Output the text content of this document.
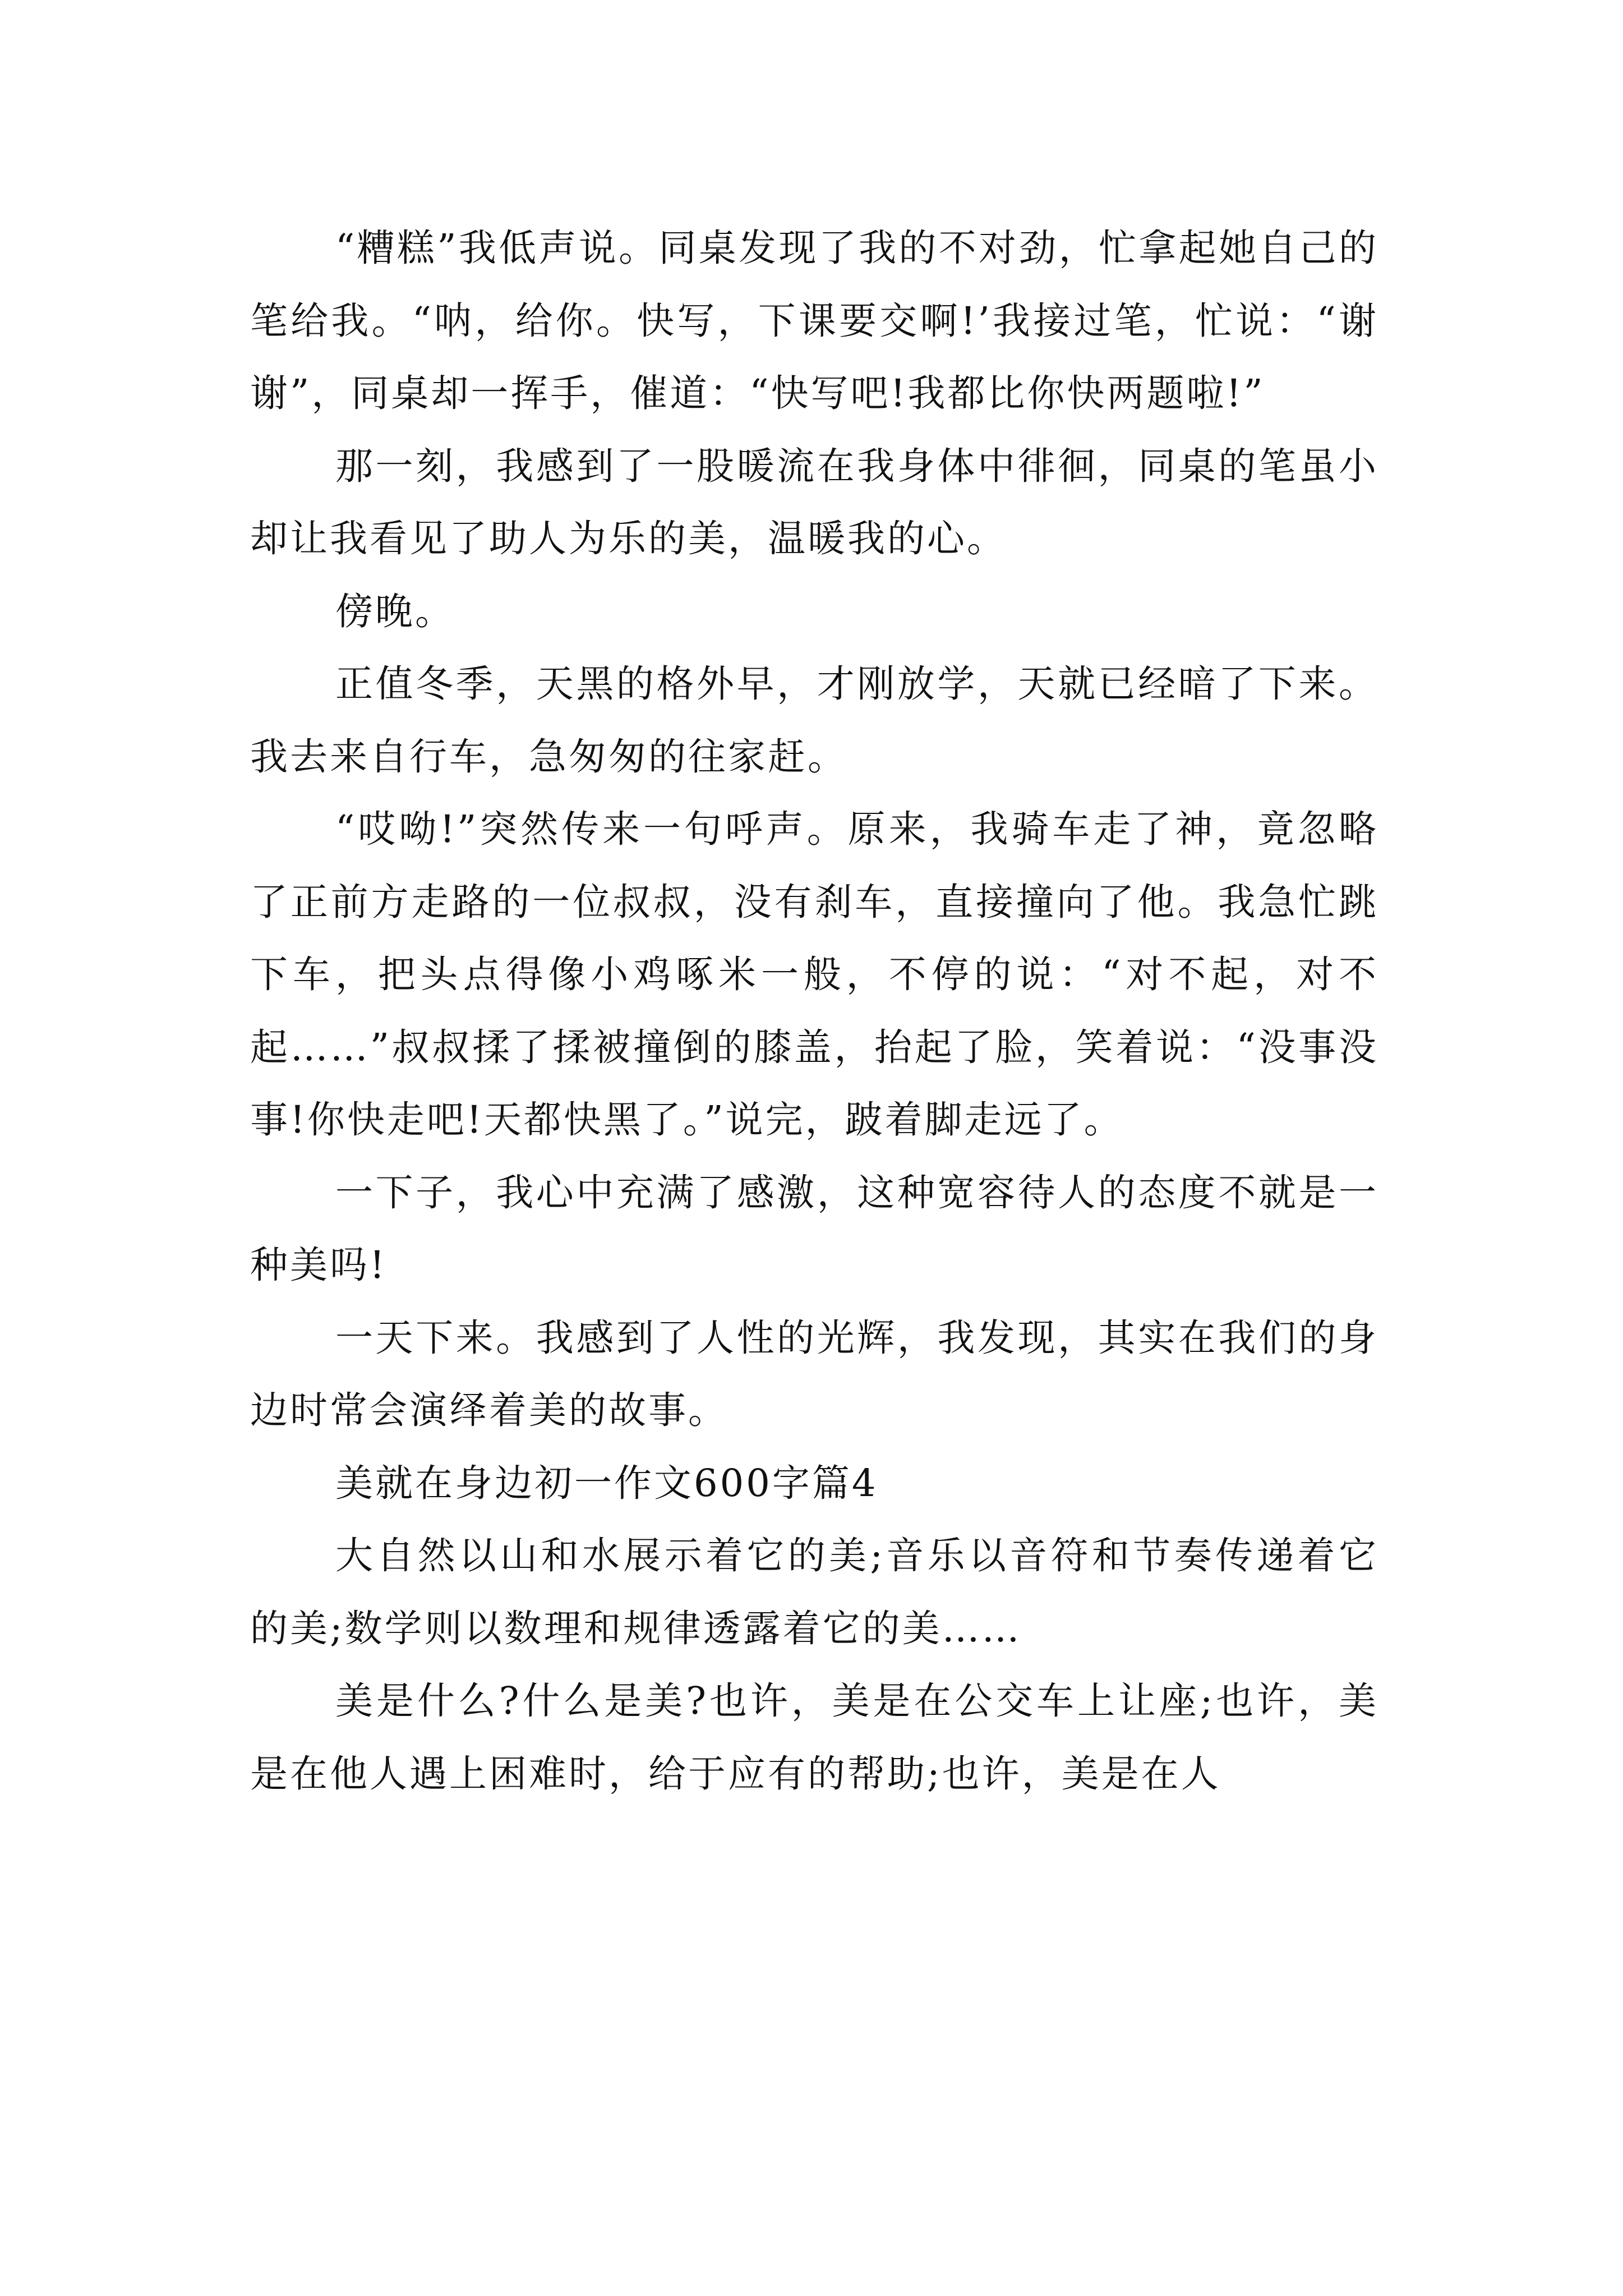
“糟糕”我低声说。同桌发现了我的不对劲，忙拿起她自己的笔给我。“呐，给你。快写，下课要交啊!’我接过笔，忙说：“谢谢”，同桌却一挥手，催道：“快写吧!我都比你快两题啦!”

那一刻，我感到了一股暖流在我身体中徘徊，同桌的笔虽小却让我看见了助人为乐的美，温暖我的心。

傍晚。

正值冬季，天黑的格外早，才刚放学，天就已经暗了下来。我去来自行车，急匆匆的往家赶。

“哎呦!”突然传来一句呼声。原来，我骑车走了神，竟忽略了正前方走路的一位叔叔，没有刹车，直接撞向了他。我急忙跳下车，把头点得像小鸡啄米一般，不停的说：“对不起，对不起……”叔叔揉了揉被撞倒的膝盖，抬起了脸，笑着说：“没事没事!你快走吧!天都快黑了。”说完，跛着脚走远了。

一下子，我心中充满了感激，这种宽容待人的态度不就是一种美吗!

一天下来。我感到了人性的光辉，我发现，其实在我们的身边时常会演绎着美的故事。

美就在身边初一作文600字篇4

大自然以山和水展示着它的美;音乐以音符和节奏传递着它的美;数学则以数理和规律透露着它的美……

美是什么?什么是美?也许，美是在公交车上让座;也许，美是在他人遇上困难时，给于应有的帮助;也许，美是在人
